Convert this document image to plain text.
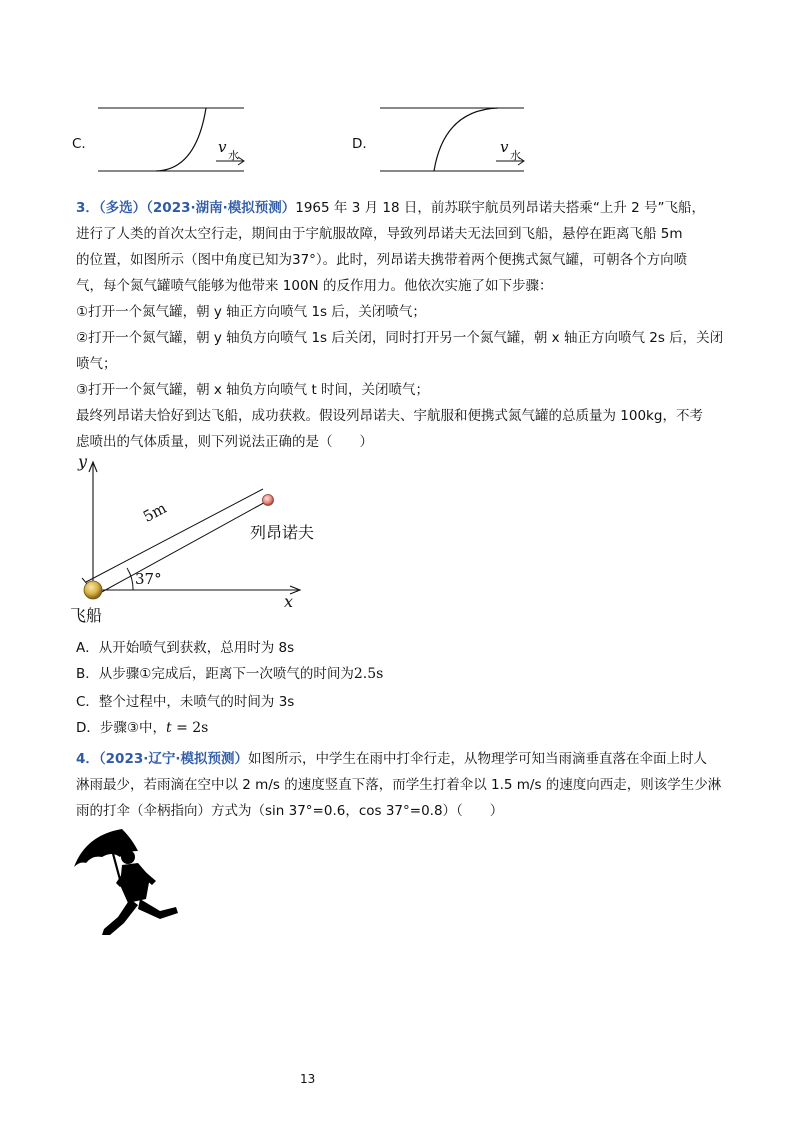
C.	v 水
D.	v 水
3．（多选）（2023·湖南·模拟预测）1965 年 3 月 18 日，前苏联宇航员列昂诺夫搭乘“上升 2 号”飞船，
进行了人类的首次太空行走，期间由于宇航服故障，导致列昂诺夫无法回到飞船，悬停在距离飞船 5m
的位置，如图所示（图中角度已知为37°）。此时，列昂诺夫携带着两个便携式氮气罐，可朝各个方向喷
气，每个氮气罐喷气能够为他带来 100N 的反作用力。他依次实施了如下步骤：
①打开一个氮气罐，朝 y 轴正方向喷气 1s 后，关闭喷气；
②打开一个氮气罐，朝 y 轴负方向喷气 1s 后关闭，同时打开另一个氮气罐，朝 x 轴正方向喷气 2s 后，关闭
喷气；
③打开一个氮气罐，朝 x 轴负方向喷气 t 时间，关闭喷气；
最终列昂诺夫恰好到达飞船，成功获救。假设列昂诺夫、宇航服和便携式氮气罐的总质量为 100kg，不考
虑喷出的气体质量，则下列说法正确的是（　　）
y
x
5m
37°
列昂诺夫
飞船
A．从开始喷气到获救，总用时为 8s
B．从步骤①完成后，距离下一次喷气的时间为2.5s
C．整个过程中，未喷气的时间为 3s
D．步骤③中，t = 2s
4．（2023·辽宁·模拟预测）如图所示，中学生在雨中打伞行走，从物理学可知当雨滴垂直落在伞面上时人
淋雨最少，若雨滴在空中以 2 m/s 的速度竖直下落，而学生打着伞以 1.5 m/s 的速度向西走，则该学生少淋
雨的打伞（伞柄指向）方式为（sin 37°=0.6，cos 37°=0.8）（　　）
13
